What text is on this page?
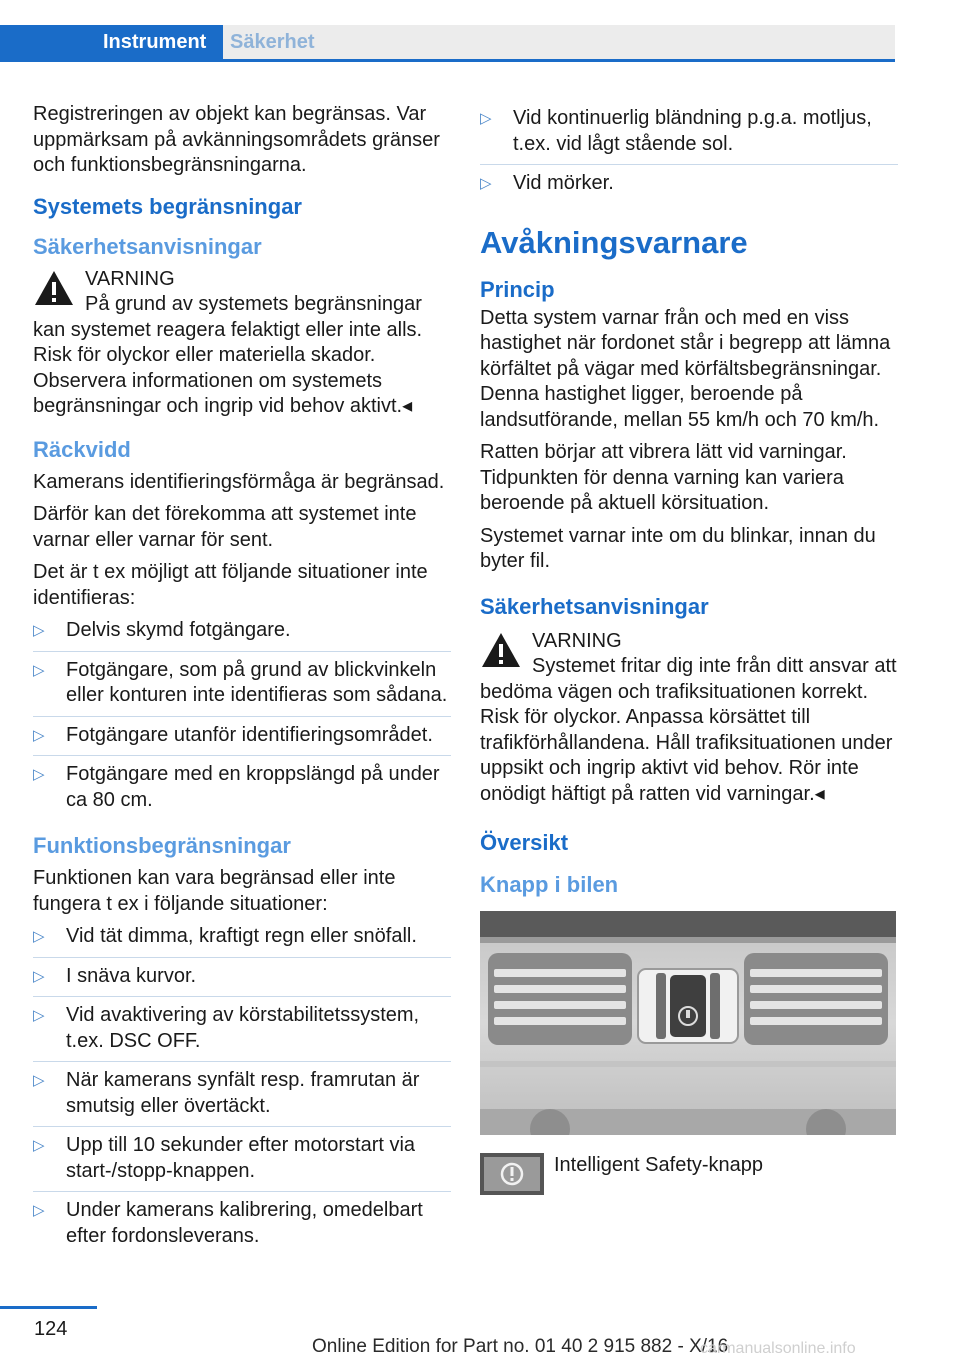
Instrument	Säkerhet

Registreringen av objekt kan begränsas. Var uppmärksam på avkänningsområdets gränser och funktionsbegränsningarna.

Systemets begränsningar
Säkerhetsanvisningar
VARNING
På grund av systemets begränsningar kan systemet reagera felaktigt eller inte alls. Risk för olyckor eller materiella skador. Observera informationen om systemets begränsningar och ingrip vid behov aktivt.◂
Räckvidd

Kamerans identifieringsförmåga är begränsad.

Därför kan det förekomma att systemet inte varnar eller varnar för sent.

Det är t ex möjligt att följande situationer inte identifieras:

▷ Delvis skymd fotgängare.
▷ Fotgängare, som på grund av blickvinkeln eller konturen inte identifieras som sådana.
▷ Fotgängare utanför identifieringsområdet.
▷ Fotgängare med en kroppslängd på under ca 80 cm.
Funktionsbegränsningar

Funktionen kan vara begränsad eller inte fungera t ex i följande situationer:

▷ Vid tät dimma, kraftigt regn eller snöfall.
▷ I snäva kurvor.
▷ Vid avaktivering av körstabilitetssystem, t.ex. DSC OFF.
▷ När kamerans synfält resp. framrutan är smutsig eller övertäckt.
▷ Upp till 10 sekunder efter motorstart via start-/stopp-knappen.
▷ Under kamerans kalibrering, omedelbart efter fordonsleverans.
▷ Vid kontinuerlig bländning p.g.a. motljus, t.ex. vid lågt stående sol.
▷ Vid mörker.
Avåkningsvarnare
Princip

Detta system varnar från och med en viss hastighet när fordonet står i begrepp att lämna körfältet på vägar med körfältsbegränsningar. Denna hastighet ligger, beroende på landsutförande, mellan 55 km/h och 70 km/h.

Ratten börjar att vibrera lätt vid varningar. Tidpunkten för denna varning kan variera beroende på aktuell körsituation.

Systemet varnar inte om du blinkar, innan du byter fil.

Säkerhetsanvisningar
VARNING
Systemet fritar dig inte från ditt ansvar att bedöma vägen och trafiksituationen korrekt. Risk för olyckor. Anpassa körsättet till trafikförhållandena. Håll trafiksituationen under uppsikt och ingrip aktivt vid behov. Rör inte onödigt häftigt på ratten vid varningar.◂
Översikt
Knapp i bilen
Intelligent Safety-knapp
124
Online Edition for Part no. 01 40 2 915 882 - X/16
carmanualsonline.info
